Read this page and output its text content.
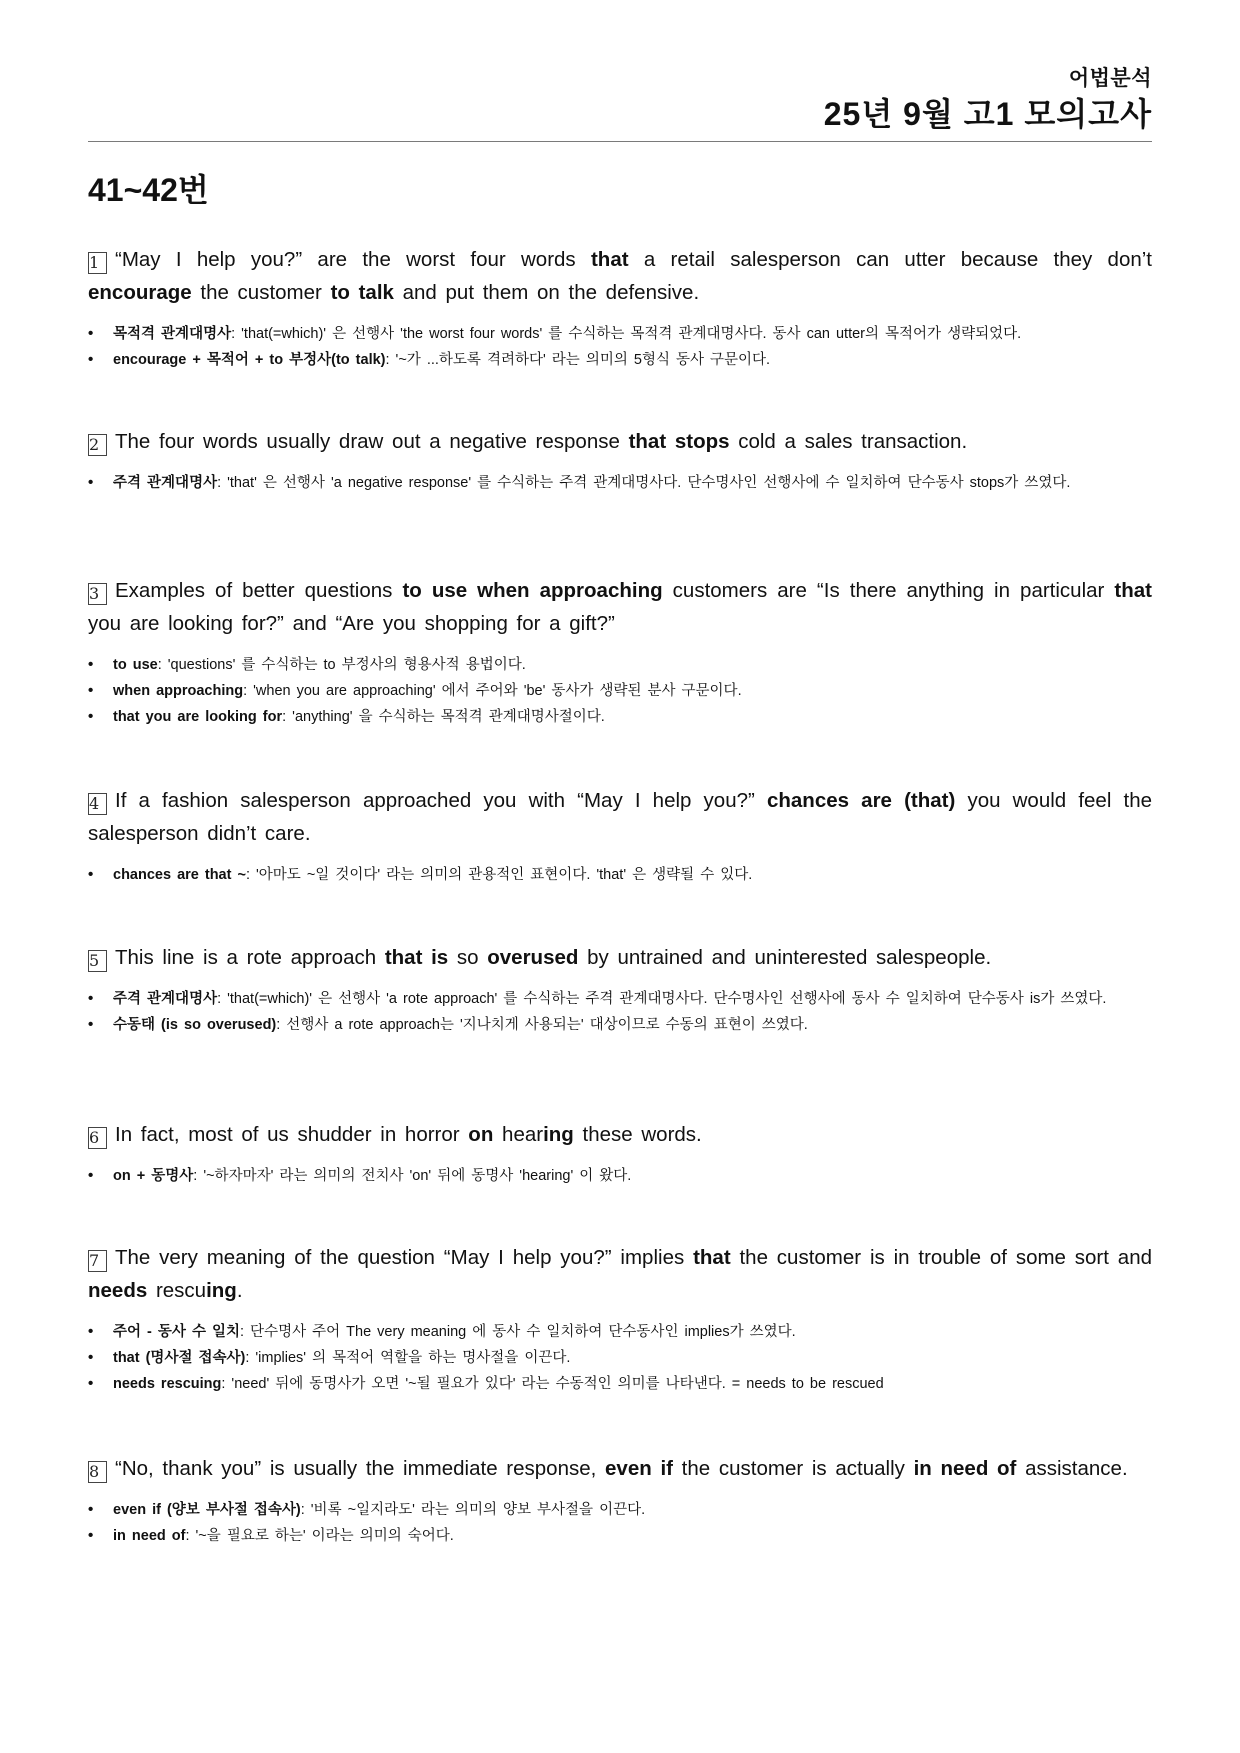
어법분석
25년 9월 고1 모의고사
41~42번

1 “May I help you?” are the worst four words that a retail salesperson can utter because they don’t encourage the customer to talk and put them on the defensive.

• 목적격 관계대명사: 'that(=which)' 은 선행사 'the worst four words' 를 수식하는 목적격 관계대명사다. 동사 can utter의 목적어가 생략되었다.
• encourage + 목적어 + to 부정사(to talk): '~가 ...하도록 격려하다' 라는 의미의 5형식 동사 구문이다.

2 The four words usually draw out a negative response that stops cold a sales transaction.

• 주격 관계대명사: 'that' 은 선행사 'a negative response' 를 수식하는 주격 관계대명사다. 단수명사인 선행사에 수 일치하여 단수동사 stops가 쓰였다.

3 Examples of better questions to use when approaching customers are “Is there anything in particular that you are looking for?” and “Are you shopping for a gift?”

• to use: 'questions' 를 수식하는 to 부정사의 형용사적 용법이다.
• when approaching: 'when you are approaching' 에서 주어와 'be' 동사가 생략된 분사 구문이다.
• that you are looking for: 'anything' 을 수식하는 목적격 관계대명사절이다.

4 If a fashion salesperson approached you with “May I help you?” chances are (that) you would feel the salesperson didn’t care.

• chances are that ~: '아마도 ~일 것이다' 라는 의미의 관용적인 표현이다. 'that' 은 생략될 수 있다.

5 This line is a rote approach that is so overused by untrained and uninterested salespeople.

• 주격 관계대명사: 'that(=which)' 은 선행사 'a rote approach' 를 수식하는 주격 관계대명사다. 단수명사인 선행사에 동사 수 일치하여 단수동사 is가 쓰였다.
• 수동태 (is so overused): 선행사 a rote approach는 '지나치게 사용되는' 대상이므로 수동의 표현이 쓰였다.

6 In fact, most of us shudder in horror on hearing these words.

• on + 동명사: '~하자마자' 라는 의미의 전치사 'on' 뒤에 동명사 'hearing' 이 왔다.

7 The very meaning of the question “May I help you?” implies that the customer is in trouble of some sort and needs rescuing.

• 주어 - 동사 수 일치: 단수명사 주어 The very meaning 에 동사 수 일치하여 단수동사인 implies가 쓰였다.
• that (명사절 접속사): 'implies' 의 목적어 역할을 하는 명사절을 이끈다.
• needs rescuing: 'need' 뒤에 동명사가 오면 '~될 필요가 있다' 라는 수동적인 의미를 나타낸다. = needs to be rescued

8 “No, thank you” is usually the immediate response, even if the customer is actually in need of assistance.

• even if (양보 부사절 접속사): '비록 ~일지라도' 라는 의미의 양보 부사절을 이끈다.
• in need of: '~을 필요로 하는' 이라는 의미의 숙어다.
